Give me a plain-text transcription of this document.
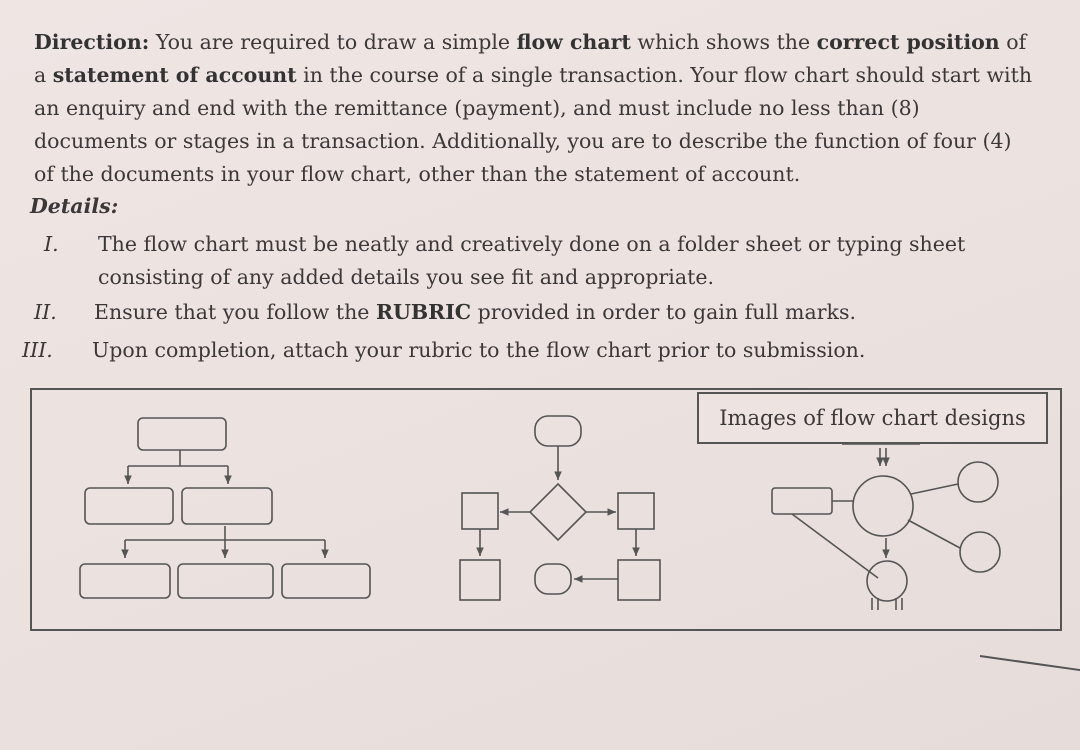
Direction: You are required to draw a simple flow chart which shows the correct position of a statement of account in the course of a single transaction. Your flow chart should start with an enquiry and end with the remittance (payment), and must include no less than (8) documents or stages in a transaction. Additionally, you are to describe the function of four (4) of the documents in your flow chart, other than the statement of account.

Details:

I.	The flow chart must be neatly and creatively done on a folder sheet or typing sheet consisting of any added details you see fit and appropriate.
II.	Ensure that you follow the RUBRIC provided in order to gain full marks.
III.	Upon completion, attach your rubric to the flow chart prior to submission.
Images of flow chart designs
